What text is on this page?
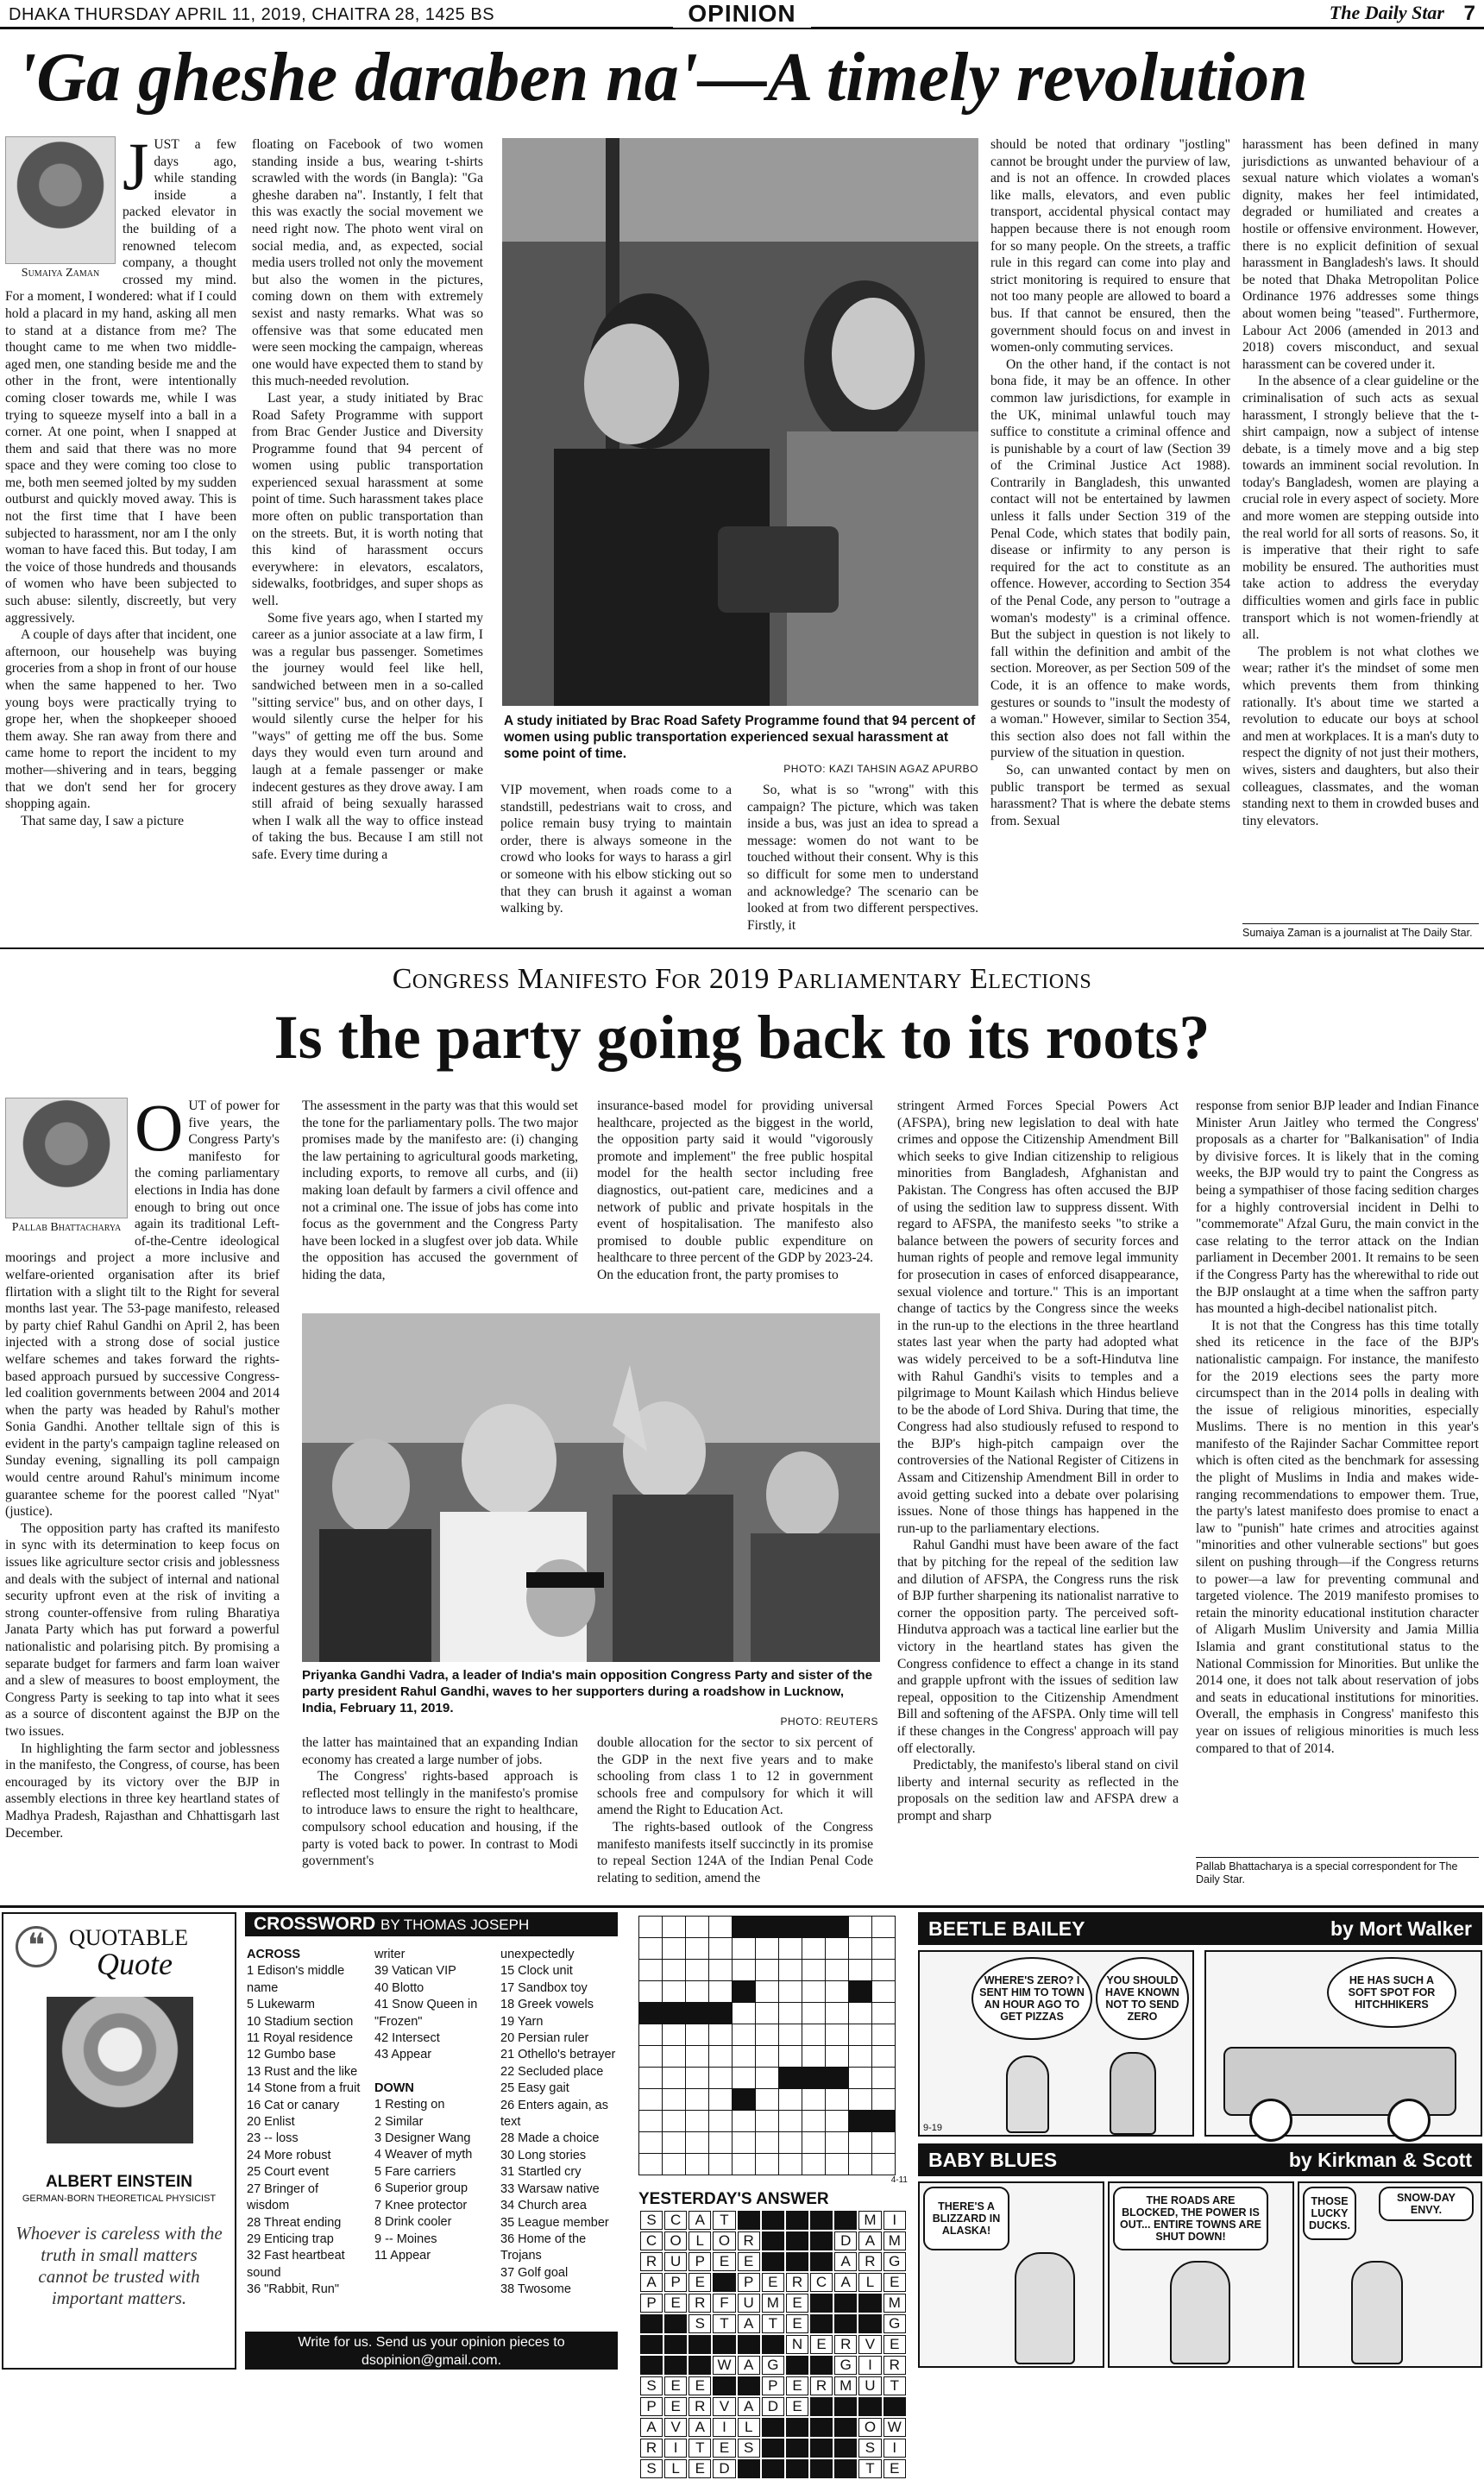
DHAKA THURSDAY APRIL 11, 2019, CHAITRA 28, 1425 BS	OPINION	The Daily Star 7
'Ga gheshe daraben na'—A timely revolution
Sumaiya Zaman
J UST a few days ago, while standing inside a packed elevator in the building of a renowned telecom company, a thought crossed my mind. For a moment, I wondered: what if I could hold a placard in my hand, asking all men to stand at a distance from me? The thought came to me when two middle-aged men, one standing beside me and the other in the front, were intentionally coming closer towards me, while I was trying to squeeze myself into a ball in a corner. At one point, when I snapped at them and said that there was no more space and they were coming too close to me, both men seemed jolted by my sudden outburst and quickly moved away. This is not the first time that I have been subjected to harassment, nor am I the only woman to have faced this. But today, I am the voice of those hundreds and thousands of women who have been subjected to such abuse: silently, discreetly, but very aggressively.

A couple of days after that incident, one afternoon, our househelp was buying groceries from a shop in front of our house when the same happened to her. Two young boys were practically trying to grope her, when the shopkeeper shooed them away. She ran away from there and came home to report the incident to my mother—shivering and in tears, begging that we don't send her for grocery shopping again.

That same day, I saw a picture

floating on Facebook of two women standing inside a bus, wearing t-shirts scrawled with the words (in Bangla): "Ga gheshe daraben na". Instantly, I felt that this was exactly the social movement we need right now. The photo went viral on social media, and, as expected, social media users trolled not only the movement but also the women in the pictures, coming down on them with extremely sexist and nasty remarks. What was so offensive was that some educated men were seen mocking the campaign, whereas one would have expected them to stand by this much-needed revolution.

Last year, a study initiated by Brac Road Safety Programme with support from Brac Gender Justice and Diversity Programme found that 94 percent of women using public transportation experienced sexual harassment at some point of time. Such harassment takes place more often on public transportation than on the streets. But, it is worth noting that this kind of harassment occurs everywhere: in elevators, escalators, sidewalks, footbridges, and super shops as well.

Some five years ago, when I started my career as a junior associate at a law firm, I was a regular bus passenger. Sometimes the journey would feel like hell, sandwiched between men in a so-called "sitting service" bus, and on other days, I would silently curse the helper for his "ways" of getting me off the bus. Some days they would even turn around and laugh at a female passenger or make indecent gestures as they drove away. I am still afraid of being sexually harassed when I walk all the way to office instead of taking the bus. Because I am still not safe. Every time during a

A study initiated by Brac Road Safety Programme found that 94 percent of women using public transportation experienced sexual harassment at some point of time.
PHOTO: KAZI TAHSIN AGAZ APURBO

VIP movement, when roads come to a standstill, pedestrians wait to cross, and police remain busy trying to maintain order, there is always someone in the crowd who looks for ways to harass a girl or someone with his elbow sticking out so that they can brush it against a woman walking by.

So, what is so "wrong" with this campaign? The picture, which was taken inside a bus, was just an idea to spread a message: women do not want to be touched without their consent. Why is this so difficult for some men to understand and acknowledge? The scenario can be looked at from two different perspectives. Firstly, it

should be noted that ordinary "jostling" cannot be brought under the purview of law, and is not an offence. In crowded places like malls, elevators, and even public transport, accidental physical contact may happen because there is not enough room for so many people. On the streets, a traffic rule in this regard can come into play and strict monitoring is required to ensure that not too many people are allowed to board a bus. If that cannot be ensured, then the government should focus on and invest in women-only commuting services.

On the other hand, if the contact is not bona fide, it may be an offence. In other common law jurisdictions, for example in the UK, minimal unlawful touch may suffice to constitute a criminal offence and is punishable by a court of law (Section 39 of the Criminal Justice Act 1988). Contrarily in Bangladesh, this unwanted contact will not be entertained by lawmen unless it falls under Section 319 of the Penal Code, which states that bodily pain, disease or infirmity to any person is required for the act to constitute as an offence. However, according to Section 354 of the Penal Code, any person to "outrage a woman's modesty" is a criminal offence. But the subject in question is not likely to fall within the definition and ambit of the section. Moreover, as per Section 509 of the Code, it is an offence to make words, gestures or sounds to "insult the modesty of a woman." However, similar to Section 354, this section also does not fall within the purview of the situation in question.

So, can unwanted contact by men on public transport be termed as sexual harassment? That is where the debate stems from. Sexual

harassment has been defined in many jurisdictions as unwanted behaviour of a sexual nature which violates a woman's dignity, makes her feel intimidated, degraded or humiliated and creates a hostile or offensive environment. However, there is no explicit definition of sexual harassment in Bangladesh's laws. It should be noted that Dhaka Metropolitan Police Ordinance 1976 addresses some things about women being "teased". Furthermore, Labour Act 2006 (amended in 2013 and 2018) covers misconduct, and sexual harassment can be covered under it.

In the absence of a clear guideline or the criminalisation of such acts as sexual harassment, I strongly believe that the t-shirt campaign, now a subject of intense debate, is a timely move and a big step towards an imminent social revolution. In today's Bangladesh, women are playing a crucial role in every aspect of society. More and more women are stepping outside into the real world for all sorts of reasons. So, it is imperative that their right to safe mobility be ensured. The authorities must take action to address the everyday difficulties women and girls face in public transport which is not women-friendly at all.

The problem is not what clothes we wear; rather it's the mindset of some men which prevents them from thinking rationally. It's about time we started a revolution to educate our boys at school and men at workplaces. It is a man's duty to respect the dignity of not just their mothers, wives, sisters and daughters, but also their colleagues, classmates, and the woman standing next to them in crowded buses and tiny elevators.

Sumaiya Zaman is a journalist at The Daily Star.
Congress Manifesto For 2019 Parliamentary Elections
Is the party going back to its roots?
Pallab Bhattacharya
O UT of power for five years, the Congress Party's manifesto for the coming parliamentary elections in India has done enough to bring out once again its traditional Left-of-the-Centre ideological moorings and project a more inclusive and welfare-oriented organisation after its brief flirtation with a slight tilt to the Right for several months last year. The 53-page manifesto, released by party chief Rahul Gandhi on April 2, has been injected with a strong dose of social justice welfare schemes and takes forward the rights-based approach pursued by successive Congress-led coalition governments between 2004 and 2014 when the party was headed by Rahul's mother Sonia Gandhi. Another telltale sign of this is evident in the party's campaign tagline released on Sunday evening, signalling its poll campaign would centre around Rahul's minimum income guarantee scheme for the poorest called "Nyat" (justice).

The opposition party has crafted its manifesto in sync with its determination to keep focus on issues like agriculture sector crisis and joblessness and deals with the subject of internal and national security upfront even at the risk of inviting a strong counter-offensive from ruling Bharatiya Janata Party which has put forward a powerful nationalistic and polarising pitch. By promising a separate budget for farmers and farm loan waiver and a slew of measures to boost employment, the Congress Party is seeking to tap into what it sees as a source of discontent against the BJP on the two issues.

In highlighting the farm sector and joblessness in the manifesto, the Congress, of course, has been encouraged by its victory over the BJP in assembly elections in three key heartland states of Madhya Pradesh, Rajasthan and Chhattisgarh last December.

The assessment in the party was that this would set the tone for the parliamentary polls. The two major promises made by the manifesto are: (i) changing the law pertaining to agricultural goods marketing, including exports, to remove all curbs, and (ii) making loan default by farmers a civil offence and not a criminal one. The issue of jobs has come into focus as the government and the Congress Party have been locked in a slugfest over job data. While the opposition has accused the government of hiding the data,

insurance-based model for providing universal healthcare, projected as the biggest in the world, the opposition party said it would "vigorously promote and implement" the free public hospital model for the health sector including free diagnostics, out-patient care, medicines and a network of public and private hospitals in the event of hospitalisation. The manifesto also promised to double public expenditure on healthcare to three percent of the GDP by 2023-24. On the education front, the party promises to

Priyanka Gandhi Vadra, a leader of India's main opposition Congress Party and sister of the party president Rahul Gandhi, waves to her supporters during a roadshow in Lucknow, India, February 11, 2019.
PHOTO: REUTERS

the latter has maintained that an expanding Indian economy has created a large number of jobs.

The Congress' rights-based approach is reflected most tellingly in the manifesto's promise to introduce laws to ensure the right to healthcare, compulsory school education and housing, if the party is voted back to power. In contrast to Modi government's

double allocation for the sector to six percent of the GDP in the next five years and to make schooling from class 1 to 12 in government schools free and compulsory for which it will amend the Right to Education Act.

The rights-based outlook of the Congress manifesto manifests itself succinctly in its promise to repeal Section 124A of the Indian Penal Code relating to sedition, amend the

stringent Armed Forces Special Powers Act (AFSPA), bring new legislation to deal with hate crimes and oppose the Citizenship Amendment Bill which seeks to give Indian citizenship to religious minorities from Bangladesh, Afghanistan and Pakistan. The Congress has often accused the BJP of using the sedition law to suppress dissent. With regard to AFSPA, the manifesto seeks "to strike a balance between the powers of security forces and human rights of people and remove legal immunity for prosecution in cases of enforced disappearance, sexual violence and torture." This is an important change of tactics by the Congress since the weeks in the run-up to the elections in the three heartland states last year when the party had adopted what was widely perceived to be a soft-Hindutva line with Rahul Gandhi's visits to temples and a pilgrimage to Mount Kailash which Hindus believe to be the abode of Lord Shiva. During that time, the Congress had also studiously refused to respond to the BJP's high-pitch campaign over the controversies of the National Register of Citizens in Assam and Citizenship Amendment Bill in order to avoid getting sucked into a debate over polarising issues. None of those things has happened in the run-up to the parliamentary elections.

Rahul Gandhi must have been aware of the fact that by pitching for the repeal of the sedition law and dilution of AFSPA, the Congress runs the risk of BJP further sharpening its nationalist narrative to corner the opposition party. The perceived soft-Hindutva approach was a tactical line earlier but the victory in the heartland states has given the Congress confidence to effect a change in its stand and grapple upfront with the issues of sedition law repeal, opposition to the Citizenship Amendment Bill and softening of the AFSPA. Only time will tell if these changes in the Congress' approach will pay off electorally.

Predictably, the manifesto's liberal stand on civil liberty and internal security as reflected in the proposals on the sedition law and AFSPA drew a prompt and sharp

response from senior BJP leader and Indian Finance Minister Arun Jaitley who termed the Congress' proposals as a charter for "Balkanisation" of India by divisive forces. It is likely that in the coming weeks, the BJP would try to paint the Congress as being a sympathiser of those facing sedition charges for a highly controversial incident in Delhi to "commemorate" Afzal Guru, the main convict in the case relating to the terror attack on the Indian parliament in December 2001. It remains to be seen if the Congress Party has the wherewithal to ride out the BJP onslaught at a time when the saffron party has mounted a high-decibel nationalist pitch.

It is not that the Congress has this time totally shed its reticence in the face of the BJP's nationalistic campaign. For instance, the manifesto for the 2019 elections sees the party more circumspect than in the 2014 polls in dealing with the issue of religious minorities, especially Muslims. There is no mention in this year's manifesto of the Rajinder Sachar Committee report which is often cited as the benchmark for assessing the plight of Muslims in India and makes wide-ranging recommendations to empower them. True, the party's latest manifesto does promise to enact a law to "punish" hate crimes and atrocities against "minorities and other vulnerable sections" but goes silent on pushing through—if the Congress returns to power—a law for preventing communal and targeted violence. The 2019 manifesto promises to retain the minority educational institution character of Aligarh Muslim University and Jamia Millia Islamia and grant constitutional status to the National Commission for Minorities. But unlike the 2014 one, it does not talk about reservation of jobs and seats in educational institutions for minorities. Overall, the emphasis in Congress' manifesto this year on issues of religious minorities is much less compared to that of 2014.

Pallab Bhattacharya is a special correspondent for The Daily Star.
❝	QUOTABLE
Quote
ALBERT EINSTEIN
GERMAN-BORN THEORETICAL PHYSICIST
Whoever is careless with the truth in small matters cannot be trusted with important matters.
CROSSWORD BY THOMAS JOSEPH
ACROSS
1 Edison's middle name
5 Lukewarm
10 Stadium section
11 Royal residence
12 Gumbo base
13 Rust and the like
14 Stone from a fruit
16 Cat or canary
20 Enlist
23 -- loss
24 More robust
25 Court event
27 Bringer of wisdom
28 Threat ending
29 Enticing trap
32 Fast heartbeat sound
36 "Rabbit, Run"
writer
39 Vatican VIP
40 Blotto
41 Snow Queen in "Frozen"
42 Intersect
43 Appear
DOWN
1 Resting on
2 Similar
3 Designer Wang
4 Weaver of myth
5 Fare carriers
6 Superior group
7 Knee protector
8 Drink cooler
9 -- Moines
11 Appear
unexpectedly
15 Clock unit
17 Sandbox toy
18 Greek vowels
19 Yarn
20 Persian ruler
21 Othello's betrayer
22 Secluded place
25 Easy gait
26 Enters again, as text
28 Made a choice
30 Long stories
31 Startled cry
33 Warsaw native
34 Church area
35 League member
36 Home of the Trojans
37 Golf goal
38 Twosome
Write for us. Send us your opinion pieces to
dsopinion@gmail.com.

4-11
YESTERDAY'S ANSWER
S	C	A	T						M	I
C	O	L	O	R				D	A	M
R	U	P	E	E				A	R	G
A	P	E		P	E	R	C	A	L	E
P	E	R	F	U	M	E				M
		S	T	A	T	E				G
						N	E	R	V	E
			W	A	G			G	I	R
S	E	E			P	E	R	M	U	T
P	E	R	V	A	D	E				
A	V	A	I	L					O	W
R	I	T	E	S					S	I
S	L	E	D						T	E
BEETLE BAILEY	by Mort Walker
WHERE'S ZERO? I SENT HIM TO TOWN AN HOUR AGO TO GET PIZZAS
YOU SHOULD HAVE KNOWN NOT TO SEND ZERO
9-19
HE HAS SUCH A SOFT SPOT FOR HITCHHIKERS
BABY BLUES	by Kirkman & Scott
THERE'S A BLIZZARD IN ALASKA!
THE ROADS ARE BLOCKED, THE POWER IS OUT... ENTIRE TOWNS ARE SHUT DOWN!
THOSE LUCKY DUCKS.
SNOW-DAY ENVY.
